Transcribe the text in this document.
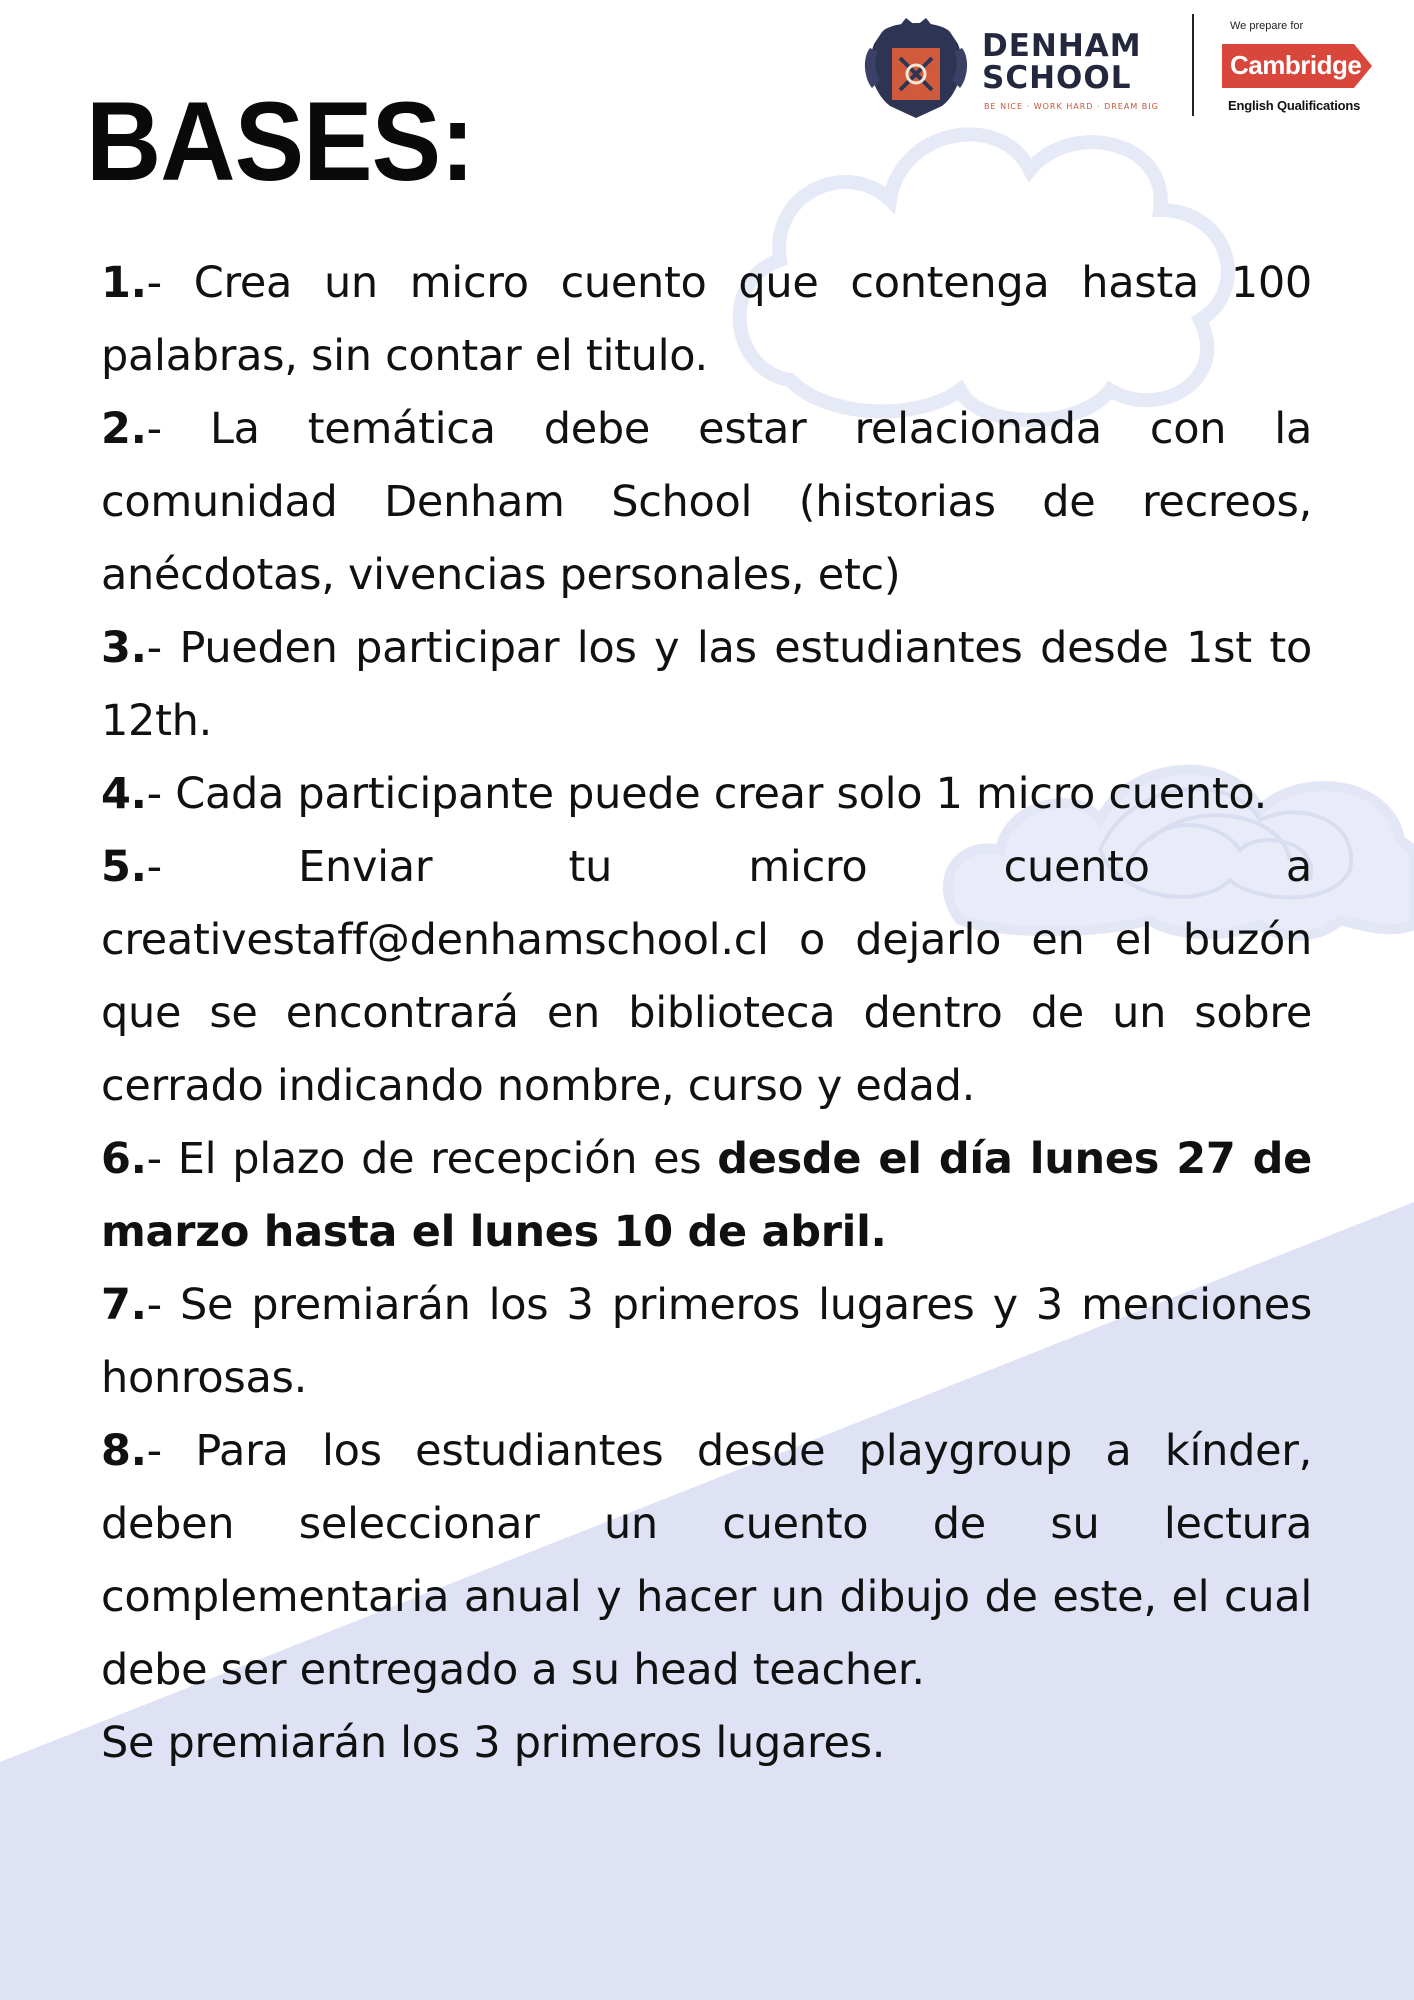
BASES:
DENHAM
SCHOOL
BE NICE · WORK HARD · DREAM BIG
We prepare for
Cambridge
English Qualifications

1.- Crea un micro cuento que contenga hasta 100 palabras, sin contar el titulo.

2.- La temática debe estar relacionada con la comunidad Denham School (historias de recreos, anécdotas, vivencias personales, etc)

3.- Pueden participar los y las estudiantes desde 1st to 12th.

4.- Cada participante puede crear solo 1 micro cuento.

5.- Enviar tu micro cuento a creativestaff@denhamschool.cl o dejarlo en el buzón que se encontrará en biblioteca dentro de un sobre cerrado indicando nombre, curso y edad.

6.- El plazo de recepción es desde el día lunes 27 de marzo hasta el lunes 10 de abril.

7.- Se premiarán los 3 primeros lugares y 3 menciones honrosas.

8.- Para los estudiantes desde playgroup a kínder, deben seleccionar un cuento de su lectura complementaria anual y hacer un dibujo de este, el cual debe ser entregado a su head teacher.

Se premiarán los 3 primeros lugares.
